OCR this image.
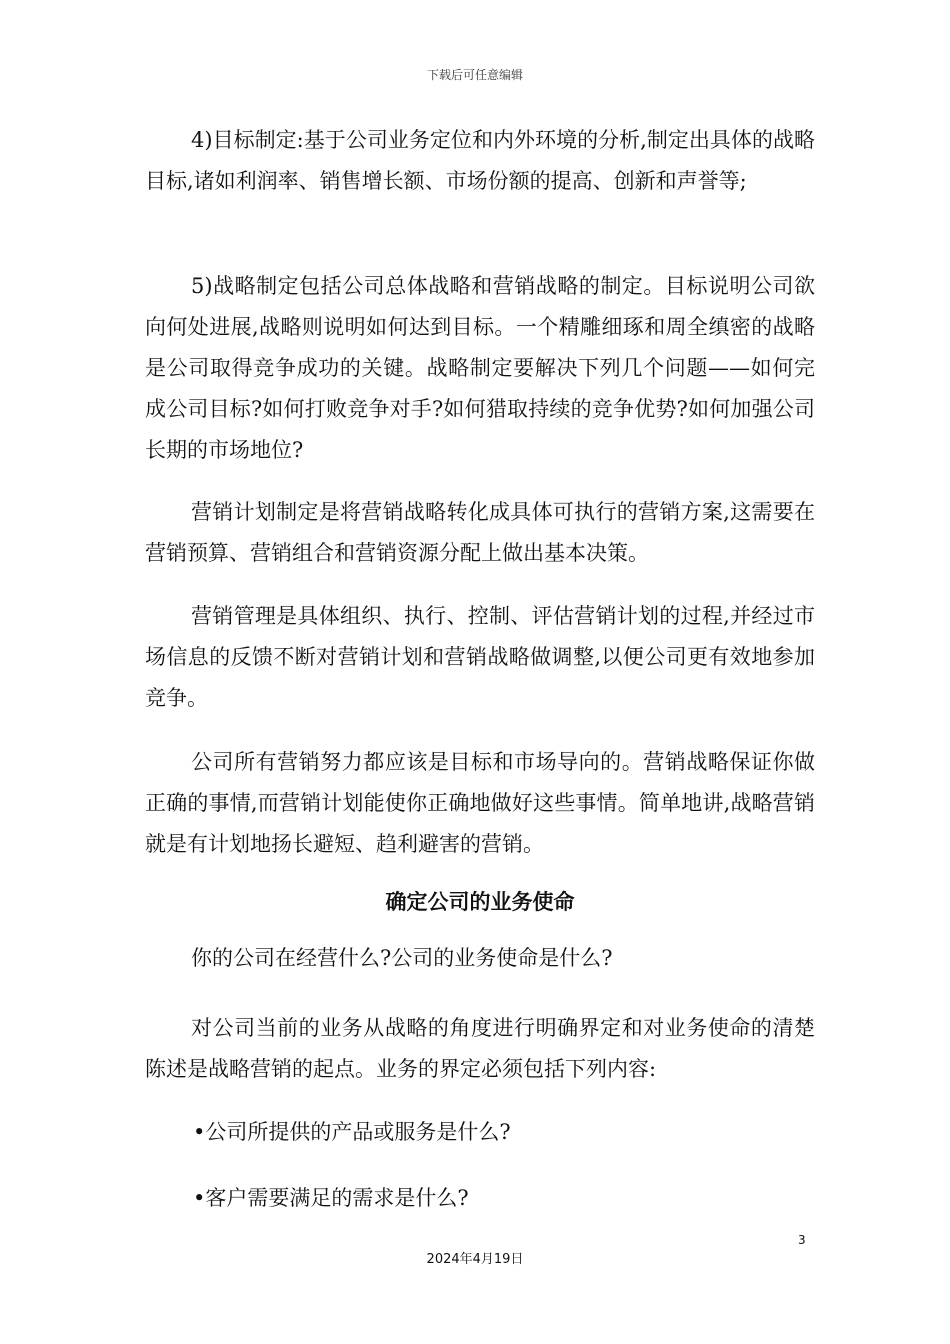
下载后可任意编辑

4)目标制定:基于公司业务定位和内外环境的分析,制定出具体的战略目标,诸如利润率、销售增长额、市场份额的提高、创新和声誉等;

5)战略制定包括公司总体战略和营销战略的制定。目标说明公司欲向何处进展,战略则说明如何达到目标。一个精雕细琢和周全缜密的战略是公司取得竞争成功的关键。战略制定要解决下列几个问题——如何完成公司目标?如何打败竞争对手?如何猎取持续的竞争优势?如何加强公司长期的市场地位?

营销计划制定是将营销战略转化成具体可执行的营销方案,这需要在营销预算、营销组合和营销资源分配上做出基本决策。

营销管理是具体组织、执行、控制、评估营销计划的过程,并经过市场信息的反馈不断对营销计划和营销战略做调整,以便公司更有效地参加竞争。

公司所有营销努力都应该是目标和市场导向的。营销战略保证你做正确的事情,而营销计划能使你正确地做好这些事情。简单地讲,战略营销就是有计划地扬长避短、趋利避害的营销。

确定公司的业务使命

你的公司在经营什么?公司的业务使命是什么?

对公司当前的业务从战略的角度进行明确界定和对业务使命的清楚陈述是战略营销的起点。业务的界定必须包括下列内容:

•公司所提供的产品或服务是什么?

•客户需要满足的需求是什么?

3
2024年4月19日
